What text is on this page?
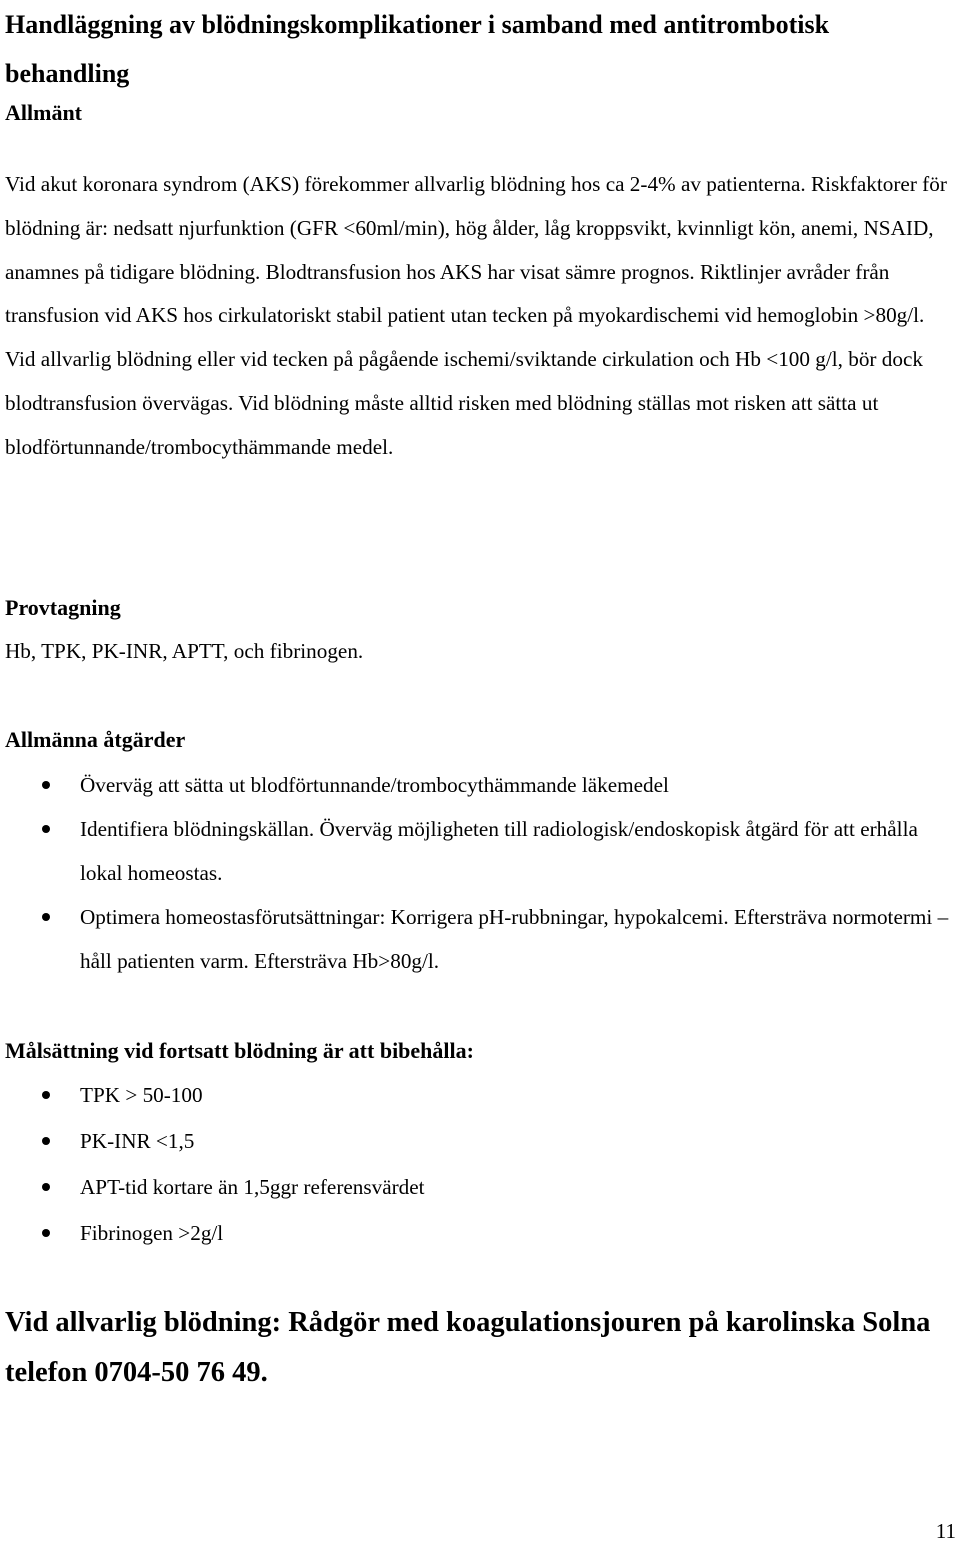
Handläggning av blödningskomplikationer i samband med antitrombotisk behandling
Allmänt

Vid akut koronara syndrom (AKS) förekommer allvarlig blödning hos ca 2-4% av patienterna. Riskfaktorer för blödning är: nedsatt njurfunktion (GFR <60ml/min), hög ålder, låg kroppsvikt, kvinnligt kön, anemi, NSAID, anamnes på tidigare blödning. Blodtransfusion hos AKS har visat sämre prognos. Riktlinjer avråder från transfusion vid AKS hos cirkulatoriskt stabil patient utan tecken på myokardischemi vid hemoglobin >80g/l. Vid allvarlig blödning eller vid tecken på pågående ischemi/sviktande cirkulation och Hb <100 g/l, bör dock blodtransfusion övervägas. Vid blödning måste alltid risken med blödning ställas mot risken att sätta ut blodförtunnande/trombocythämmande medel.

Provtagning

Hb, TPK, PK-INR, APTT, och fibrinogen.

Allmänna åtgärder
Överväg att sätta ut blodförtunnande/trombocythämmande läkemedel
Identifiera blödningskällan. Överväg möjligheten till radiologisk/endoskopisk åtgärd för att erhålla lokal homeostas.
Optimera homeostasförutsättningar: Korrigera pH-rubbningar, hypokalcemi. Eftersträva normotermi – håll patienten varm. Eftersträva Hb>80g/l.
Målsättning vid fortsatt blödning är att bibehålla:
TPK > 50-100
PK-INR <1,5
APT-tid kortare än 1,5ggr referensvärdet
Fibrinogen >2g/l

Vid allvarlig blödning: Rådgör med koagulationsjouren på karolinska Solna telefon 0704-50 76 49.

11
